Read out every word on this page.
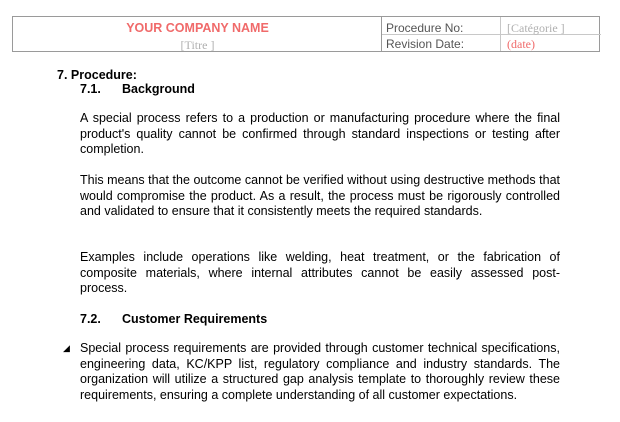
YOUR COMPANY NAME
[Titre ]
Procedure No:	[Catégorie ]
Revision Date:	(date)
7. Procedure:
7.1. Background

A special process refers to a production or manufacturing procedure where the final product's quality cannot be confirmed through standard inspections or testing after completion.

This means that the outcome cannot be verified without using destructive methods that would compromise the product. As a result, the process must be rigorously controlled and validated to ensure that it consistently meets the required standards.

Examples include operations like welding, heat treatment, or the fabrication of composite materials, where internal attributes cannot be easily assessed post-process.

7.2. Customer Requirements
◢ Special process requirements are provided through customer technical specifications, engineering data, KC/KPP list, regulatory compliance and industry standards. The organization will utilize a structured gap analysis template to thoroughly review these requirements, ensuring a complete understanding of all customer expectations.
